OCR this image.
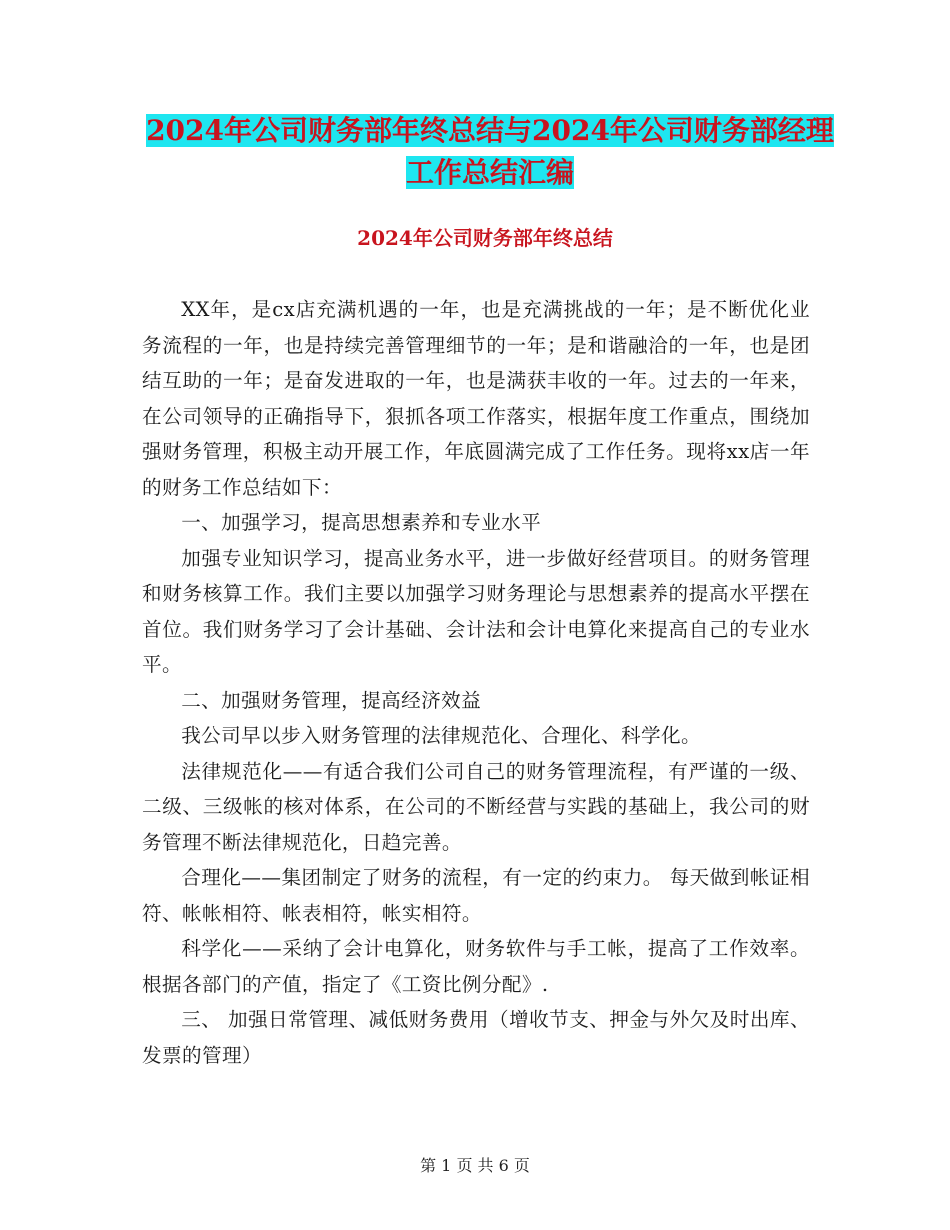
2024年公司财务部年终总结与2024年公司财务部经理
工作总结汇编
2024年公司财务部年终总结

XX年，是cx店充满机遇的一年，也是充满挑战的一年；是不断优化业务流程的一年，也是持续完善管理细节的一年；是和谐融洽的一年，也是团结互助的一年；是奋发进取的一年，也是满获丰收的一年。过去的一年来，在公司领导的正确指导下，狠抓各项工作落实，根据年度工作重点，围绕加强财务管理，积极主动开展工作，年底圆满完成了工作任务。现将xx店一年的财务工作总结如下：

一、加强学习，提高思想素养和专业水平

加强专业知识学习，提高业务水平，进一步做好经营项目。的财务管理和财务核算工作。我们主要以加强学习财务理论与思想素养的提高水平摆在首位。我们财务学习了会计基础、会计法和会计电算化来提高自己的专业水平。

二、加强财务管理，提高经济效益

我公司早以步入财务管理的法律规范化、合理化、科学化。

法律规范化——有适合我们公司自己的财务管理流程，有严谨的一级、二级、三级帐的核对体系，在公司的不断经营与实践的基础上，我公司的财务管理不断法律规范化，日趋完善。

合理化——集团制定了财务的流程，有一定的约束力。 每天做到帐证相符、帐帐相符、帐表相符，帐实相符。

科学化——采纳了会计电算化，财务软件与手工帐，提高了工作效率。根据各部门的产值，指定了《工资比例分配》.

三、 加强日常管理、减低财务费用（增收节支、押金与外欠及时出库、发票的管理）

第 1 页 共 6 页
